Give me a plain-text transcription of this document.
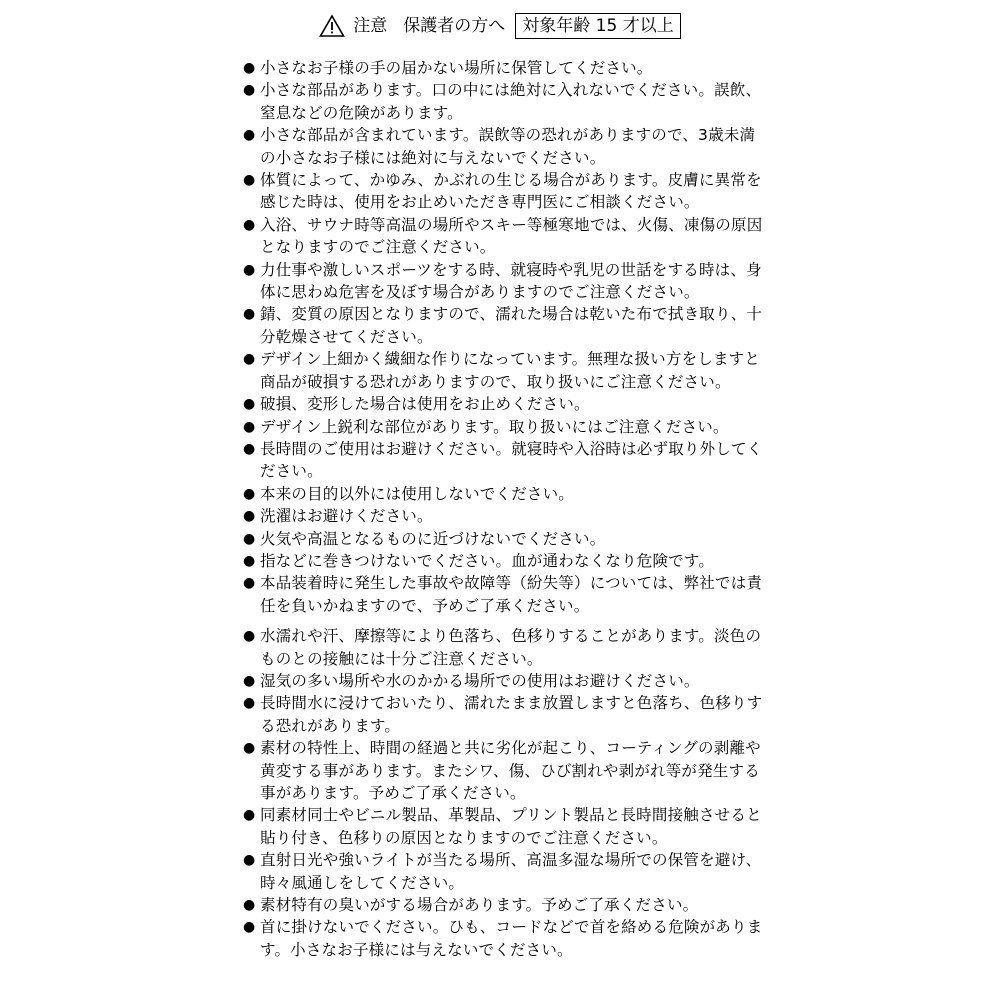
注意 保護者の方へ	対象年齢 15 才以上
● 小さなお子様の手の届かない場所に保管してください。
● 小さな部品があります。口の中には絶対に入れないでください。誤飲、窒息などの危険があります。
● 小さな部品が含まれています。誤飲等の恐れがありますので、3歳未満の小さなお子様には絶対に与えないでください。
● 体質によって、かゆみ、かぶれの生じる場合があります。皮膚に異常を感じた時は、使用をお止めいただき専門医にご相談ください。
● 入浴、サウナ時等高温の場所やスキー等極寒地では、火傷、凍傷の原因となりますのでご注意ください。
● 力仕事や激しいスポーツをする時、就寝時や乳児の世話をする時は、身体に思わぬ危害を及ぼす場合がありますのでご注意ください。
● 錆、変質の原因となりますので、濡れた場合は乾いた布で拭き取り、十分乾燥させてください。
● デザイン上細かく繊細な作りになっています。無理な扱い方をしますと商品が破損する恐れがありますので、取り扱いにご注意ください。
● 破損、変形した場合は使用をお止めください。
● デザイン上鋭利な部位があります。取り扱いにはご注意ください。
● 長時間のご使用はお避けください。就寝時や入浴時は必ず取り外してください。
● 本来の目的以外には使用しないでください。
● 洗濯はお避けください。
● 火気や高温となるものに近づけないでください。
● 指などに巻きつけないでください。血が通わなくなり危険です。
● 本品装着時に発生した事故や故障等（紛失等）については、弊社では責任を負いかねますので、予めご了承ください。
● 水濡れや汗、摩擦等により色落ち、色移りすることがあります。淡色のものとの接触には十分ご注意ください。
● 湿気の多い場所や水のかかる場所での使用はお避けください。
● 長時間水に浸けておいたり、濡れたまま放置しますと色落ち、色移りする恐れがあります。
● 素材の特性上、時間の経過と共に劣化が起こり、コーティングの剥離や黄変する事があります。またシワ、傷、ひび割れや剥がれ等が発生する事があります。予めご了承ください。
● 同素材同士やビニル製品、革製品、プリント製品と長時間接触させると貼り付き、色移りの原因となりますのでご注意ください。
● 直射日光や強いライトが当たる場所、高温多湿な場所での保管を避け、時々風通しをしてください。
● 素材特有の臭いがする場合があります。予めご了承ください。
● 首に掛けないでください。ひも、コードなどで首を絡める危険があります。小さなお子様には与えないでください。
